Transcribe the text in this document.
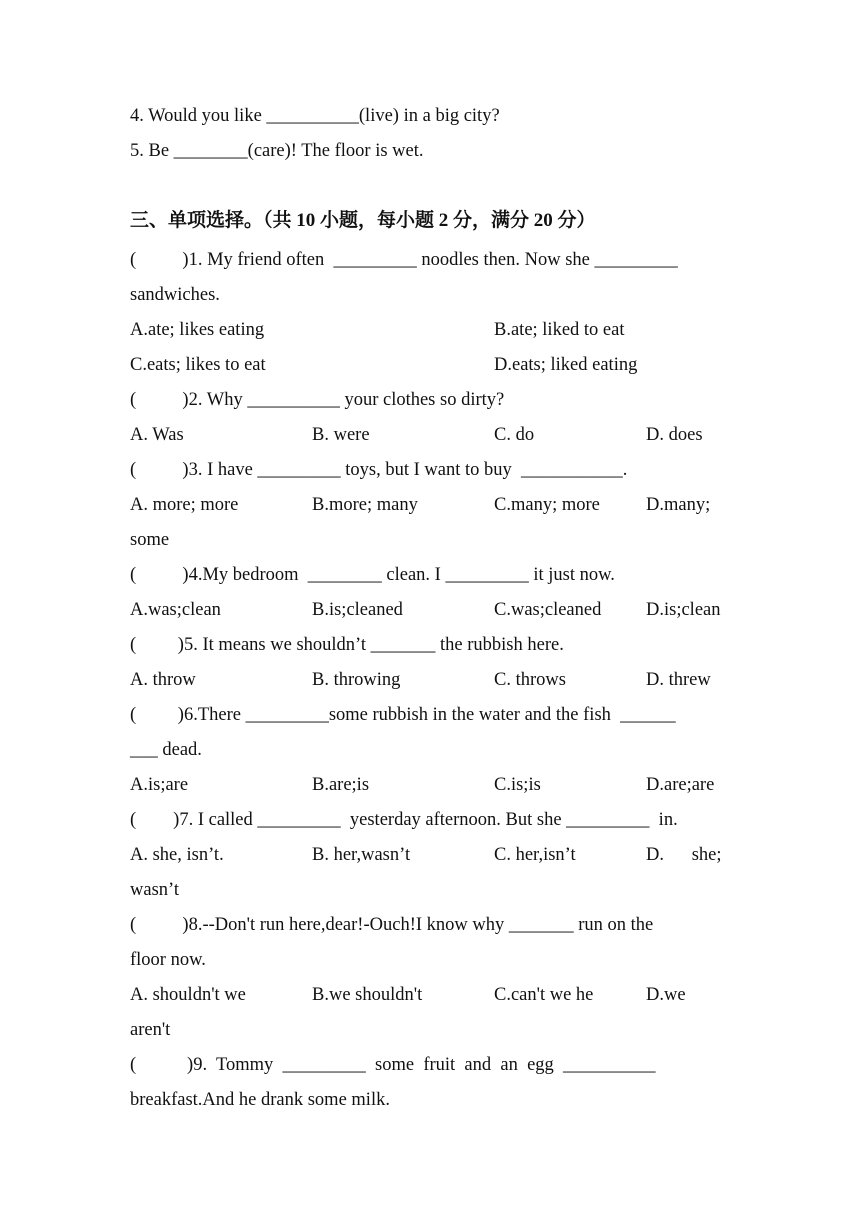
4. Would you like __________(live) in a big city?
5. Be ________(care)! The floor is wet.
三、单项选择。（共 10 小题，每小题 2 分，满分 20 分）
(          )1. My friend often  _________ noodles then. Now she _________
sandwiches.
A.ate; likes eating	B.ate; liked to eat
C.eats; likes to eat	D.eats; liked eating
(          )2. Why __________ your clothes so dirty?
A. Was	B. were	C. do	D. does
(          )3. I have _________ toys, but I want to buy  ___________.
A. more; more	B.more; many	C.many; more D.many;
some
(          )4.My bedroom  ________ clean. I _________ it just now.
A.was;clean	B.is;cleaned	C.was;cleaned D.is;clean
(         )5. It means we shouldn’t _______ the rubbish here.
A. throw	B. throwing	C. throws	D. threw
(         )6.There _________some rubbish in the water and the fish  ______
___ dead.
A.is;are	B.are;is	C.is;is	D.are;are
(        )7. I called _________  yesterday afternoon. But she _________  in.
A. she, isn’t.	B. her,wasn’t	C. her,isn’t	D.      she;
wasn’t
(          )8.--Don't run here,dear!-Ouch!I know why _______ run on the
floor now.
A. shouldn't we	B.we shouldn't	C.can't we he	D.we
aren't
(           )9.  Tommy  _________  some  fruit  and  an  egg  __________
breakfast.And he drank some milk.
